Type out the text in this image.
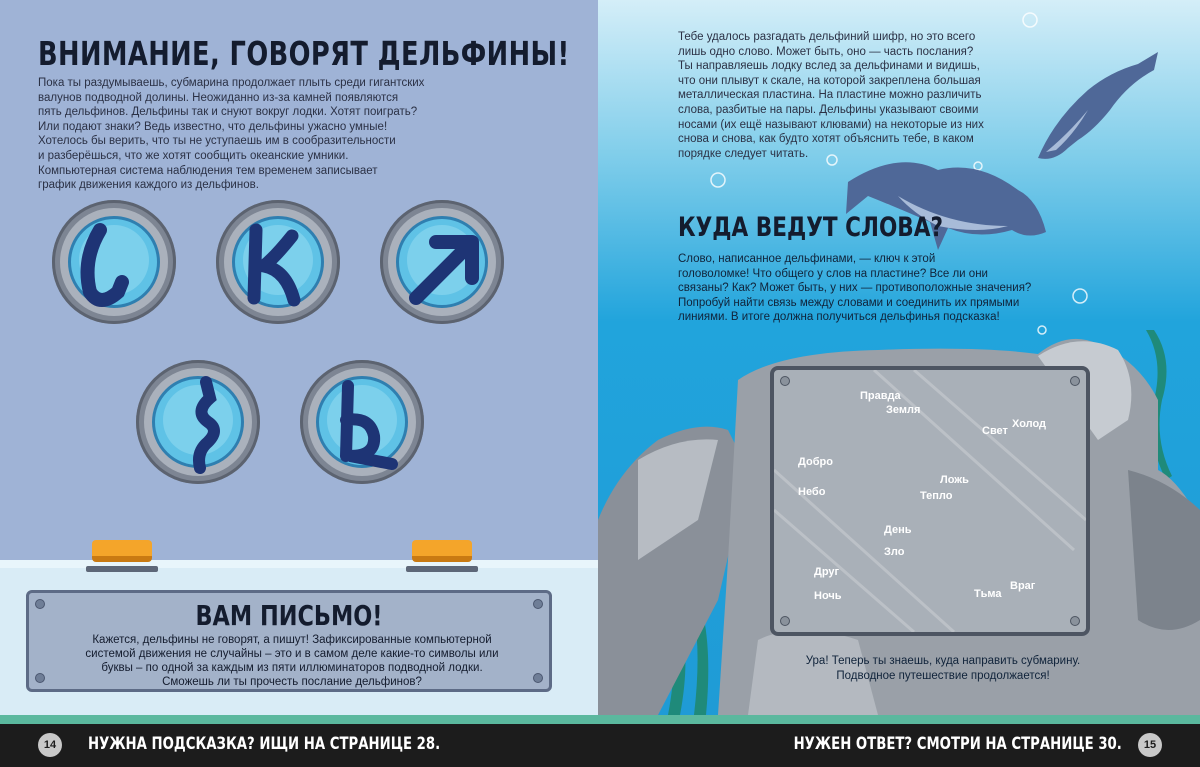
ВНИМАНИЕ, ГОВОРЯТ ДЕЛЬФИНЫ!
Пока ты раздумываешь, субмарина продолжает плыть среди гигантских
валунов подводной долины. Неожиданно из-за камней появляются
пять дельфинов. Дельфины так и снуют вокруг лодки. Хотят поиграть?
Или подают знаки? Ведь известно, что дельфины ужасно умные!
Хотелось бы верить, что ты не уступаешь им в сообразительности
и разберёшься, что же хотят сообщить океанские умники.
Компьютерная система наблюдения тем временем записывает
график движения каждого из дельфинов.
ВАМ ПИСЬМО!
Кажется, дельфины не говорят, а пишут! Зафиксированные компьютерной
системой движения не случайны – это и в самом деле какие-то символы или
буквы – по одной за каждым из пяти иллюминаторов подводной лодки.
Сможешь ли ты прочесть послание дельфинов?
Тебе удалось разгадать дельфиний шифр, но это всего
лишь одно слово. Может быть, оно — часть послания?
Ты направляешь лодку вслед за дельфинами и видишь,
что они плывут к скале, на которой закреплена большая
металлическая пластина. На пластине можно различить
слова, разбитые на пары. Дельфины указывают своими
носами (их ещё называют клювами) на некоторые из них
снова и снова, как будто хотят объяснить тебе, в каком
порядке следует читать.
КУДА ВЕДУТ СЛОВА?
Слово, написанное дельфинами, — ключ к этой
головоломке! Что общего у слов на пластине? Все ли они
связаны? Как? Может быть, у них — противоположные значения?
Попробуй найти связь между словами и соединить их прямыми
линиями. В итоге должна получиться дельфинья подсказка!
Правда
Земля
Свет
Холод
Добро
Ложь
Небо	Тепло
День
Зло
Друг
Ночь	Тьма
Враг
Ура! Теперь ты знаешь, куда направить субмарину.
Подводное путешествие продолжается!
14	НУЖНА ПОДСКАЗКА? ИЩИ НА СТРАНИЦЕ 28.	НУЖЕН ОТВЕТ? СМОТРИ НА СТРАНИЦЕ 30.	15
